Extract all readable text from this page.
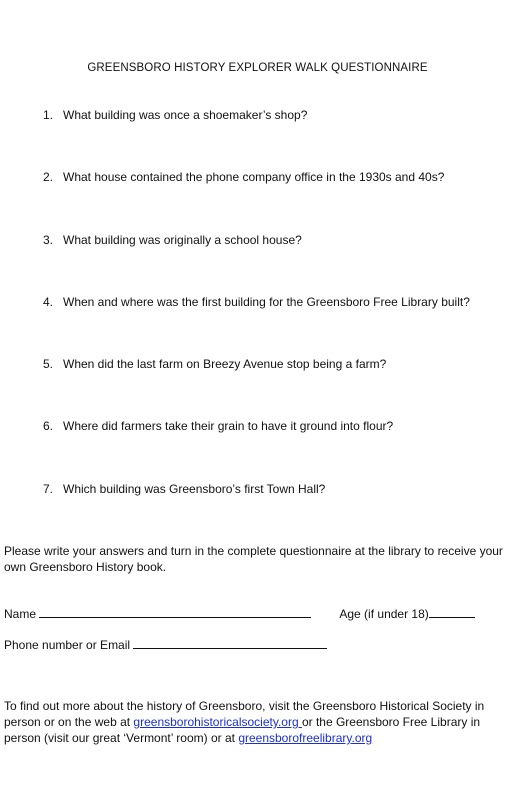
GREENSBORO HISTORY EXPLORER WALK QUESTIONNAIRE
1. What building was once a shoemaker’s shop?
2. What house contained the phone company office in the 1930s and 40s?
3. What building was originally a school house?
4. When and where was the first building for the Greensboro Free Library built?
5. When did the last farm on Breezy Avenue stop being a farm?
6. Where did farmers take their grain to have it ground into flour?
7. Which building was Greensboro’s first Town Hall?
Please write your answers and turn in the complete questionnaire at the library to receive your own Greensboro History book.
Name	Age (if under 18)
Phone number or Email
To find out more about the history of Greensboro, visit the Greensboro Historical Society in person or on the web at greensborohistoricalsociety.org or the Greensboro Free Library in person (visit our great ‘Vermont’ room) or at greensborofreelibrary.org
